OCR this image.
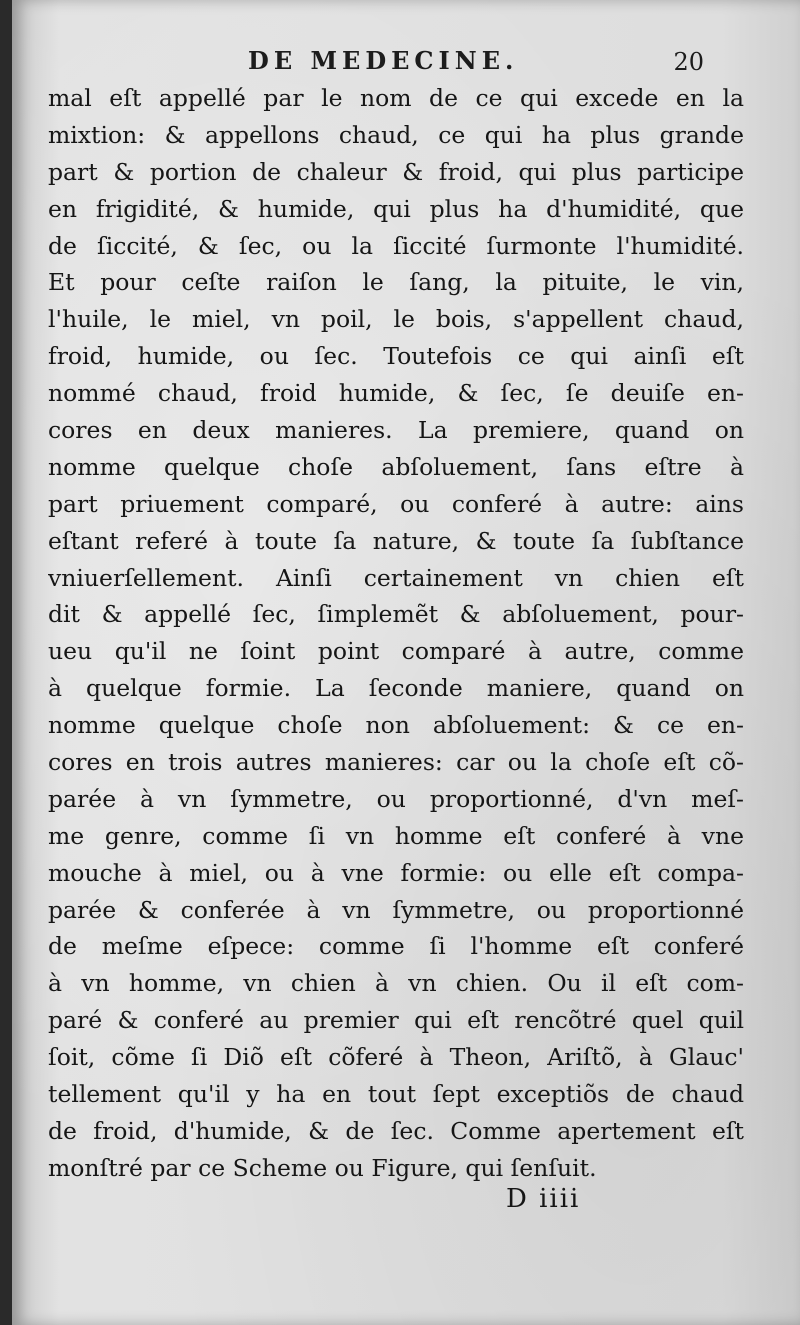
DE MEDECINE.	20
mal eſt appellé par le nom de ce qui excede en la
mixtion: & appellons chaud, ce qui ha plus grande
part & portion de chaleur & froid, qui plus participe
en frigidité, & humide, qui plus ha d'humidité, que
de ſiccité, & ſec, ou la ſiccité ſurmonte l'humidité.
Et pour ceſte raiſon le ſang, la pituite, le vin,
l'huile, le miel, vn poil, le bois, s'appellent chaud,
froid, humide, ou ſec. Toutefois ce qui ainſi eſt
nommé chaud, froid humide, & ſec, ſe deuiſe en-
cores en deux manieres. La premiere, quand on
nomme quelque choſe abſoluement, ſans eſtre à
part priuement comparé, ou conferé à autre: ains
eſtant referé à toute ſa nature, & toute ſa ſubſtance
vniuerſellement. Ainſi certainement vn chien eſt
dit & appellé ſec, ſimplemẽt & abſoluement, pour-
ueu qu'il ne ſoint point comparé à autre, comme
à quelque formie. La ſeconde maniere, quand on
nomme quelque choſe non abſoluement: & ce en-
cores en trois autres manieres: car ou la choſe eſt cõ-
parée à vn ſymmetre, ou proportionné, d'vn meſ-
me genre, comme ſi vn homme eſt conferé à vne
mouche à miel, ou à vne formie: ou elle eſt compa-
parée & conferée à vn ſymmetre, ou proportionné
de meſme eſpece: comme ſi l'homme eſt conferé
à vn homme, vn chien à vn chien. Ou il eſt com-
paré & conferé au premier qui eſt rencõtré quel quil
ſoit, cõme ſi Diõ eſt cõferé à Theon, Ariſtõ, à Glauc'
tellement qu'il y ha en tout ſept exceptiõs de chaud
de froid, d'humide, & de ſec. Comme apertement eſt
monſtré par ce Scheme ou Figure, qui ſenſuit.
D iiii
